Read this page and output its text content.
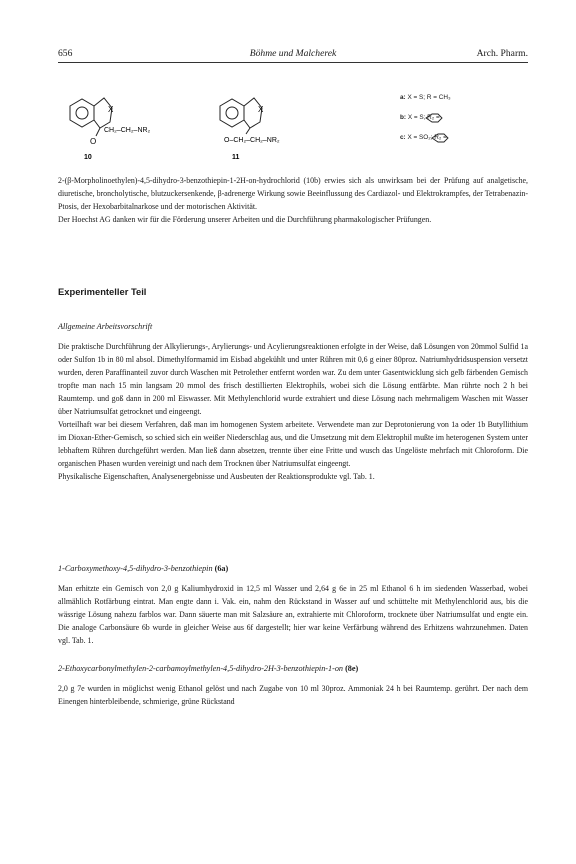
656	Böhme und Malcherek	Arch. Pharm.
X
O
CH₂–CH₂–NR₂
10
X
O–CH₂–CH₂–NR₂
11
a: X = S; R = CH₃
b: X = S; R₂ =
c: X = SO₂; R₂ =

2-(β-Morpholinoethylen)-4,5-dihydro-3-benzothiepin-1-2H-on-hydrochlorid (10b) erwies sich als unwirksam bei der Prüfung auf analgetische, diuretische, broncholytische, blutzuckersenkende, β-adrenerge Wirkung sowie Beeinflussung des Cardiazol- und Elektrokrampfes, der Tetrabenazin-Ptosis, der Hexobarbitalnarkose und der motorischen Aktivität.

Der Hoechst AG danken wir für die Förderung unserer Arbeiten und die Durchführung pharmakologischer Prüfungen.

Experimenteller Teil
Allgemeine Arbeitsvorschrift

Die praktische Durchführung der Alkylierungs-, Arylierungs- und Acylierungsreaktionen erfolgte in der Weise, daß Lösungen von 20mmol Sulfid 1a oder Sulfon 1b in 80 ml absol. Dimethylformamid im Eisbad abgekühlt und unter Rühren mit 0,6 g einer 80proz. Natriumhydridsuspension versetzt wurden, deren Paraffinanteil zuvor durch Waschen mit Petrolether entfernt worden war. Zu dem unter Gasentwicklung sich gelb färbenden Gemisch tropfte man nach 15 min langsam 20 mmol des frisch destillierten Elektrophils, wobei sich die Lösung entfärbte. Man rührte noch 2 h bei Raumtemp. und goß dann in 200 ml Eiswasser. Mit Methylenchlorid wurde extrahiert und diese Lösung nach mehrmaligem Waschen mit Wasser über Natriumsulfat getrocknet und eingeengt.

Vorteilhaft war bei diesem Verfahren, daß man im homogenen System arbeitete. Verwendete man zur Deprotonierung von 1a oder 1b Butyllithium im Dioxan-Ether-Gemisch, so schied sich ein weißer Niederschlag aus, und die Umsetzung mit dem Elektrophil mußte im heterogenen System unter lebhaftem Rühren durchgeführt werden. Man ließ dann absetzen, trennte über eine Fritte und wusch das Ungelöste mehrfach mit Chloroform. Die organischen Phasen wurden vereinigt und nach dem Trocknen über Natriumsulfat eingeengt.

Physikalische Eigenschaften, Analysenergebnisse und Ausbeuten der Reaktionsprodukte vgl. Tab. 1.

1-Carboxymethoxy-4,5-dihydro-3-benzothiepin (6a)

Man erhitzte ein Gemisch von 2,0 g Kaliumhydroxid in 12,5 ml Wasser und 2,64 g 6e in 25 ml Ethanol 6 h im siedenden Wasserbad, wobei allmählich Rotfärbung eintrat. Man engte dann i. Vak. ein, nahm den Rückstand in Wasser auf und schüttelte mit Methylenchlorid aus, bis die wässrige Lösung nahezu farblos war. Dann säuerte man mit Salzsäure an, extrahierte mit Chloroform, trocknete über Natriumsulfat und engte ein. Die analoge Carbonsäure 6b wurde in gleicher Weise aus 6f dargestellt; hier war keine Verfärbung während des Erhitzens wahrzunehmen. Daten vgl. Tab. 1.

2-Ethoxycarbonylmethylen-2-carbamoylmethylen-4,5-dihydro-2H-3-benzothiepin-1-on (8e)

2,0 g 7e wurden in möglichst wenig Ethanol gelöst und nach Zugabe von 10 ml 30proz. Ammoniak 24 h bei Raumtemp. gerührt. Der nach dem Einengen hinterbleibende, schmierige, grüne Rückstand
